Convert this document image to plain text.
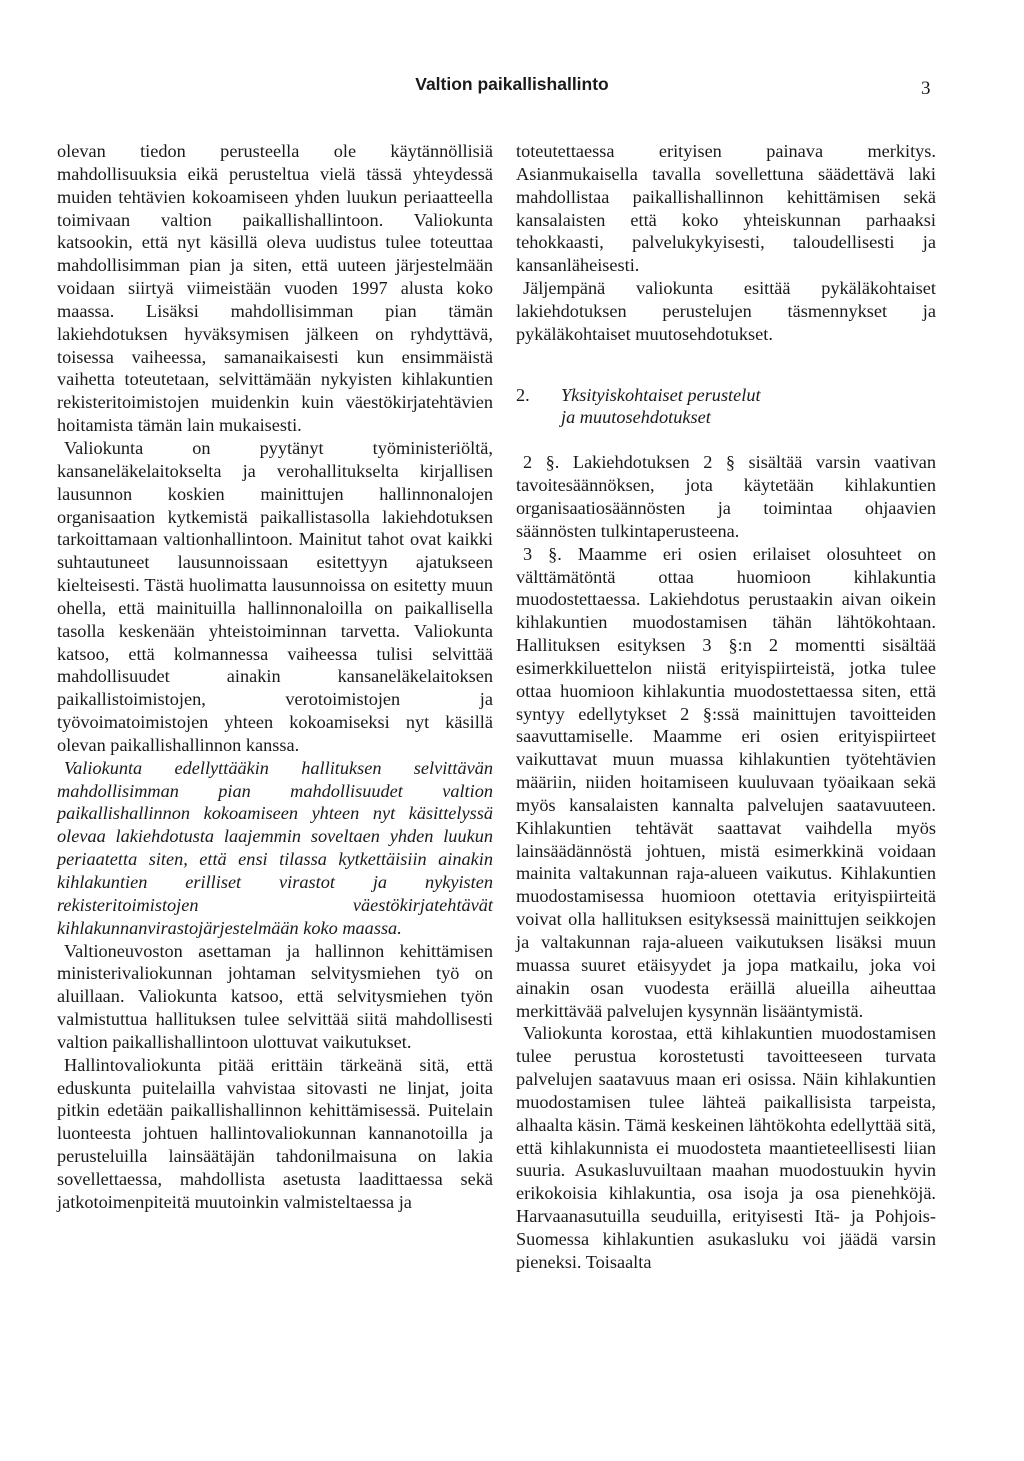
Valtion paikallishallinto	3

olevan tiedon perusteella ole käytännöllisiä mahdollisuuksia eikä perusteltua vielä tässä yhteydessä muiden tehtävien kokoamiseen yhden luukun periaatteella toimivaan valtion paikallishallintoon. Valiokunta katsookin, että nyt käsillä oleva uudistus tulee toteuttaa mahdollisimman pian ja siten, että uuteen järjestelmään voidaan siirtyä viimeistään vuoden 1997 alusta koko maassa. Lisäksi mahdollisimman pian tämän lakiehdotuksen hyväksymisen jälkeen on ryhdyttävä, toisessa vaiheessa, samanaikaisesti kun ensimmäistä vaihetta toteutetaan, selvittämään nykyisten kihlakuntien rekisteritoimistojen muidenkin kuin väestökirjatehtävien hoitamista tämän lain mukaisesti.

Valiokunta on pyytänyt työministeriöltä, kansaneläkelaitokselta ja verohallitukselta kirjallisen lausunnon koskien mainittujen hallinnonalojen organisaation kytkemistä paikallistasolla lakiehdotuksen tarkoittamaan valtionhallintoon. Mainitut tahot ovat kaikki suhtautuneet lausunnoissaan esitettyyn ajatukseen kielteisesti. Tästä huolimatta lausunnoissa on esitetty muun ohella, että mainituilla hallinnonaloilla on paikallisella tasolla keskenään yhteistoiminnan tarvetta. Valiokunta katsoo, että kolmannessa vaiheessa tulisi selvittää mahdollisuudet ainakin kansaneläkelaitoksen paikallistoimistojen, verotoimistojen ja työvoimatoimistojen yhteen kokoamiseksi nyt käsillä olevan paikallishallinnon kanssa.

Valiokunta edellyttääkin hallituksen selvittävän mahdollisimman pian mahdollisuudet valtion paikallishallinnon kokoamiseen yhteen nyt käsittelyssä olevaa lakiehdotusta laajemmin soveltaen yhden luukun periaatetta siten, että ensi tilassa kytkettäisiin ainakin kihlakuntien erilliset virastot ja nykyisten rekisteritoimistojen väestökirjatehtävät kihlakunnanvirastojärjestelmään koko maassa.

Valtioneuvoston asettaman ja hallinnon kehittämisen ministerivaliokunnan johtaman selvitysmiehen työ on aluillaan. Valiokunta katsoo, että selvitysmiehen työn valmistuttua hallituksen tulee selvittää siitä mahdollisesti valtion paikallishallintoon ulottuvat vaikutukset.

Hallintovaliokunta pitää erittäin tärkeänä sitä, että eduskunta puitelailla vahvistaa sitovasti ne linjat, joita pitkin edetään paikallishallinnon kehittämisessä. Puitelain luonteesta johtuen hallintovaliokunnan kannanotoilla ja perusteluilla lainsäätäjän tahdonilmaisuna on lakia sovellettaessa, mahdollista asetusta laadittaessa sekä jatkotoimenpiteitä muutoinkin valmisteltaessa ja

toteutettaessa erityisen painava merkitys. Asianmukaisella tavalla sovellettuna säädettävä laki mahdollistaa paikallishallinnon kehittämisen sekä kansalaisten että koko yhteiskunnan parhaaksi tehokkaasti, palvelukykyisesti, taloudellisesti ja kansanläheisesti.

Jäljempänä valiokunta esittää pykäläkohtaiset lakiehdotuksen perustelujen täsmennykset ja pykäläkohtaiset muutosehdotukset.

2.	Yksityiskohtaiset perustelut ja muutosehdotukset

2 §. Lakiehdotuksen 2 § sisältää varsin vaativan tavoitesäännöksen, jota käytetään kihlakuntien organisaatiosäännösten ja toimintaa ohjaavien säännösten tulkintaperusteena.

3 §. Maamme eri osien erilaiset olosuhteet on välttämätöntä ottaa huomioon kihlakuntia muodostettaessa. Lakiehdotus perustaakin aivan oikein kihlakuntien muodostamisen tähän lähtökohtaan. Hallituksen esityksen 3 §:n 2 momentti sisältää esimerkkiluettelon niistä erityispiirteistä, jotka tulee ottaa huomioon kihlakuntia muodostettaessa siten, että syntyy edellytykset 2 §:ssä mainittujen tavoitteiden saavuttamiselle. Maamme eri osien erityispiirteet vaikuttavat muun muassa kihlakuntien työtehtävien määriin, niiden hoitamiseen kuuluvaan työaikaan sekä myös kansalaisten kannalta palvelujen saatavuuteen. Kihlakuntien tehtävät saattavat vaihdella myös lainsäädännöstä johtuen, mistä esimerkkinä voidaan mainita valtakunnan raja-alueen vaikutus. Kihlakuntien muodostamisessa huomioon otettavia erityispiirteitä voivat olla hallituksen esityksessä mainittujen seikkojen ja valtakunnan raja-alueen vaikutuksen lisäksi muun muassa suuret etäisyydet ja jopa matkailu, joka voi ainakin osan vuodesta eräillä alueilla aiheuttaa merkittävää palvelujen kysynnän lisääntymistä.

Valiokunta korostaa, että kihlakuntien muodostamisen tulee perustua korostetusti tavoitteeseen turvata palvelujen saatavuus maan eri osissa. Näin kihlakuntien muodostamisen tulee lähteä paikallisista tarpeista, alhaalta käsin. Tämä keskeinen lähtökohta edellyttää sitä, että kihlakunnista ei muodosteta maantieteellisesti liian suuria. Asukasluvuiltaan maahan muodostuukin hyvin erikokoisia kihlakuntia, osa isoja ja osa pienehköjä. Harvaanasutuilla seuduilla, erityisesti Itä- ja Pohjois-Suomessa kihlakuntien asukasluku voi jäädä varsin pieneksi. Toisaalta
